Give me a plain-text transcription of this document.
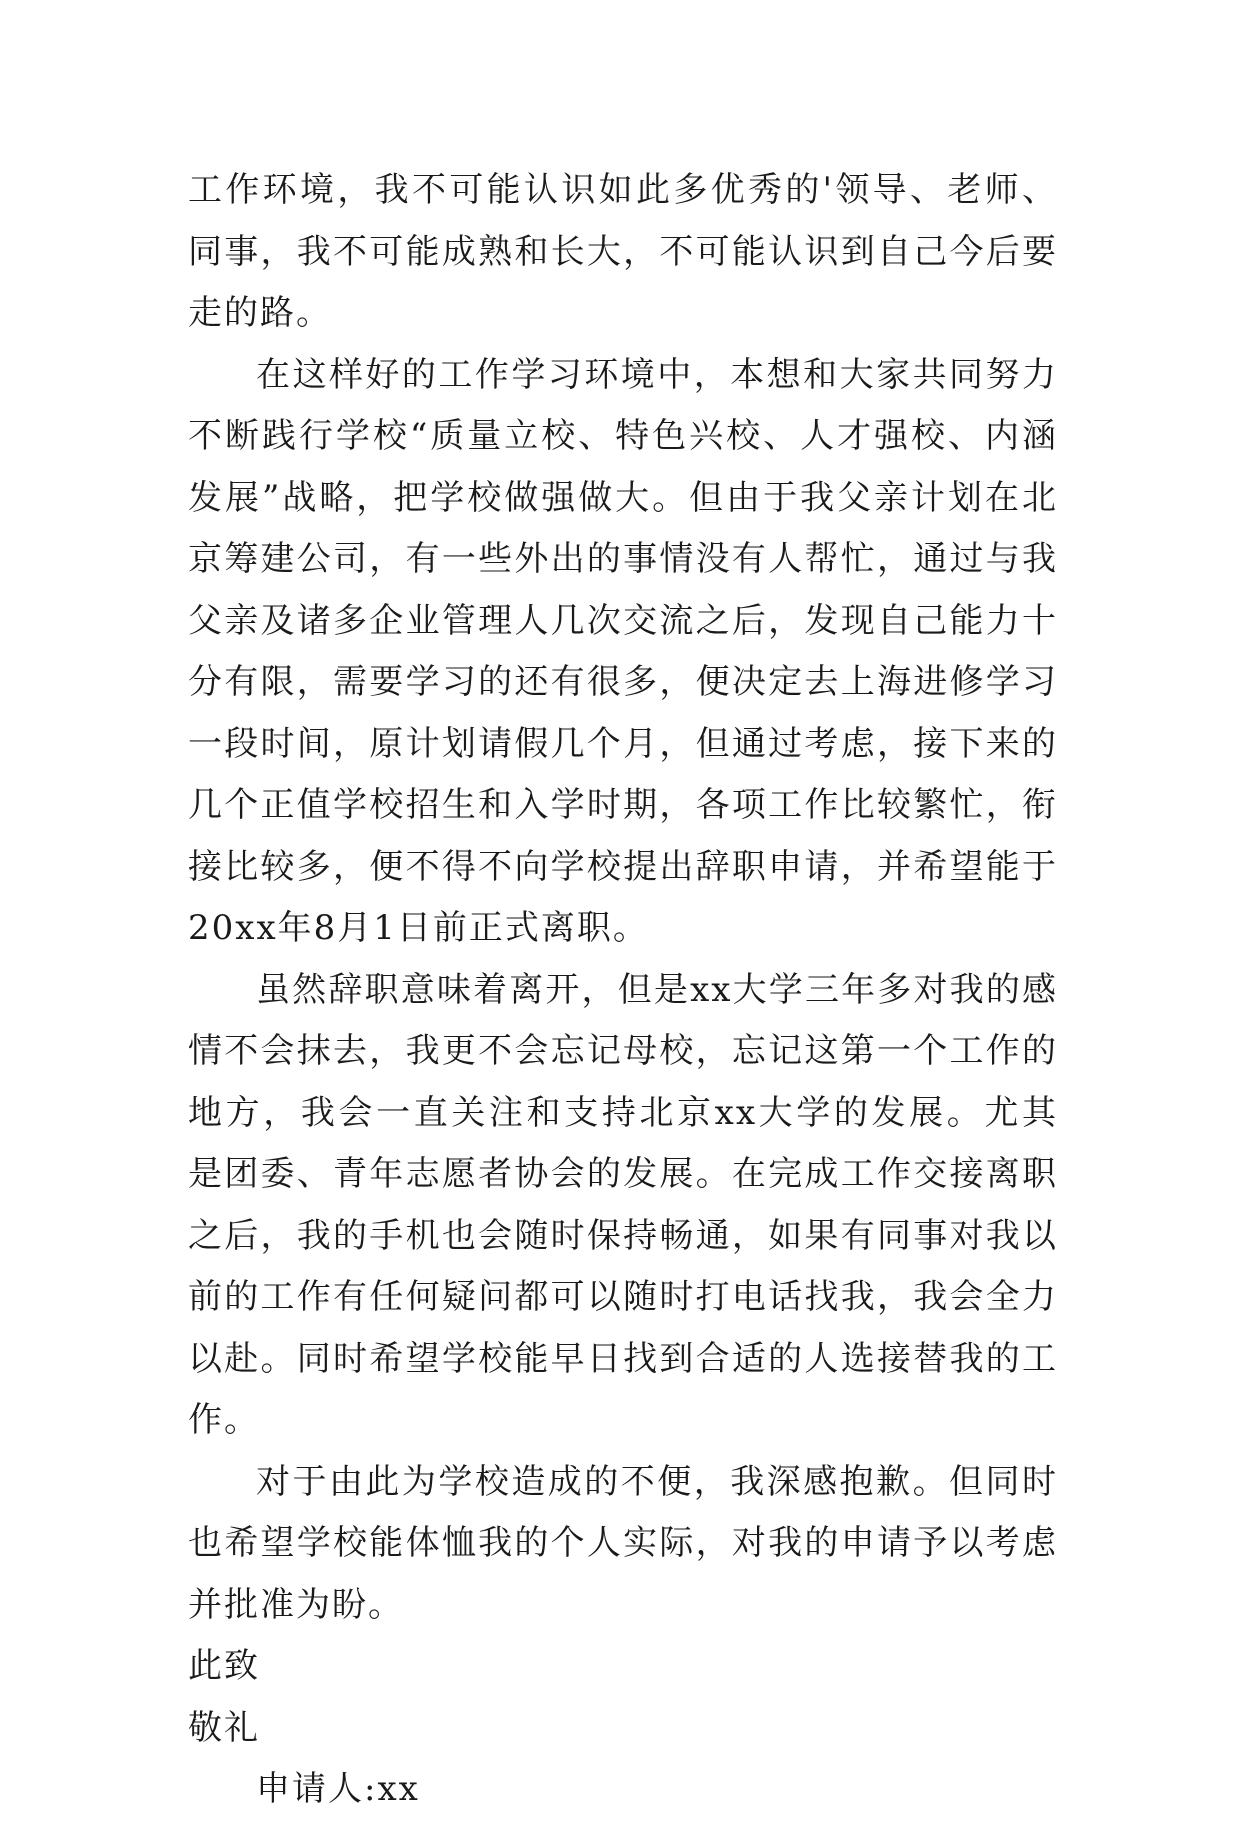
工作环境，我不可能认识如此多优秀的'领导、老师、同事，我不可能成熟和长大，不可能认识到自己今后要走的路。

在这样好的工作学习环境中，本想和大家共同努力不断践行学校“质量立校、特色兴校、人才强校、内涵发展”战略，把学校做强做大。但由于我父亲计划在北京筹建公司，有一些外出的事情没有人帮忙，通过与我父亲及诸多企业管理人几次交流之后，发现自己能力十分有限，需要学习的还有很多，便决定去上海进修学习一段时间，原计划请假几个月，但通过考虑，接下来的几个正值学校招生和入学时期，各项工作比较繁忙，衔接比较多，便不得不向学校提出辞职申请，并希望能于20xx年8月1日前正式离职。

虽然辞职意味着离开，但是xx大学三年多对我的感情不会抹去，我更不会忘记母校，忘记这第一个工作的地方，我会一直关注和支持北京xx大学的发展。尤其是团委、青年志愿者协会的发展。在完成工作交接离职之后，我的手机也会随时保持畅通，如果有同事对我以前的工作有任何疑问都可以随时打电话找我，我会全力以赴。同时希望学校能早日找到合适的人选接替我的工作。

对于由此为学校造成的不便，我深感抱歉。但同时也希望学校能体恤我的个人实际，对我的申请予以考虑并批准为盼。

此致

敬礼

申请人:xx
